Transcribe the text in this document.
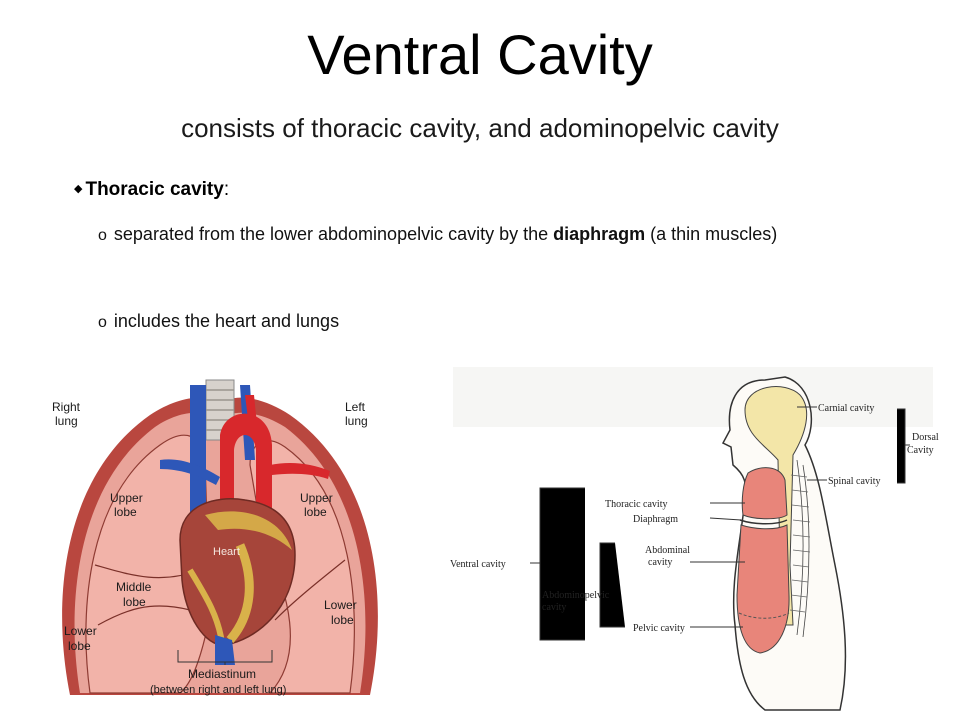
Ventral Cavity
consists of thoracic cavity, and adominopelvic cavity
◆ Thoracic cavity:
o separated from the lower abdominopelvic cavity by the diaphragm (a thin muscles)
o includes the heart and lungs
Right
lung
Left
lung
Heart
Upper
lobe
Upper
lobe
Middle
lobe	Lower
lobe
Lower
lobe
Mediastinum
(between right and left lung)
Carnial cavity
Dorsal
Cavity
Spinal cavity
Thoracic cavity
Diaphragm
Ventral cavity
Abdominal
cavity
Abdominopelvic
cavity
Pelvic cavity
